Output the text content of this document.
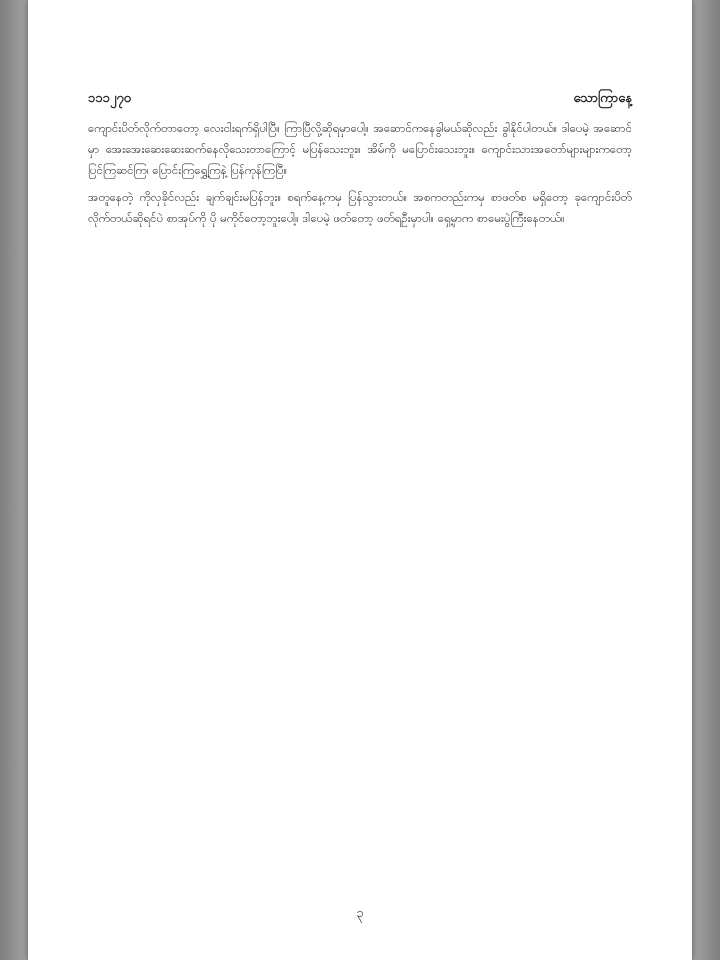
၁၁၁၂၇၀	သောကြာနေ့

ကျောင်းပိတ်လိုက်တာတော့ လေးငါးရက်ရှိပါပြီ။ ကြာပြီလို့ဆိုရမှာပေါ့။ အဆောင်ကနေခွါမယ်ဆိုလည်း ခွါနိုင်ပါတယ်။ ဒါပေမဲ့ အဆောင်မှာ အေးအေးဆေးဆေးဆက်နေလိုသေးတာကြောင့် မပြန်သေးဘူး။ အိမ်ကို မပြောင်းသေးဘူး။ ကျောင်းသားအတော်များများကတော့ ပြင်ကြဆင်ကြ၊ ပြောင်းကြရွှေ့ကြနဲ့ ပြန်ကုန်ကြပြီ။

အတူနေတဲ့ ကိုလှခိုင်လည်း ချက်ချင်းမပြန်ဘူး။ စရက်နေ့ကမှ ပြန်သွားတယ်။ အစကတည်းကမှ စာဖတ်စ မရှိတော့ ခုကျောင်းပိတ်လိုက်တယ်ဆိုရင်ပဲ စာအုပ်ကို ပို မကိုင်တော့ဘူးပေါ့။ ဒါပေမဲ့ ဖတ်တော့ ဖတ်ရဦးမှာပါ။ ရှေ့မှာက စာမေးပွဲကြီးနေတယ်။

၃
